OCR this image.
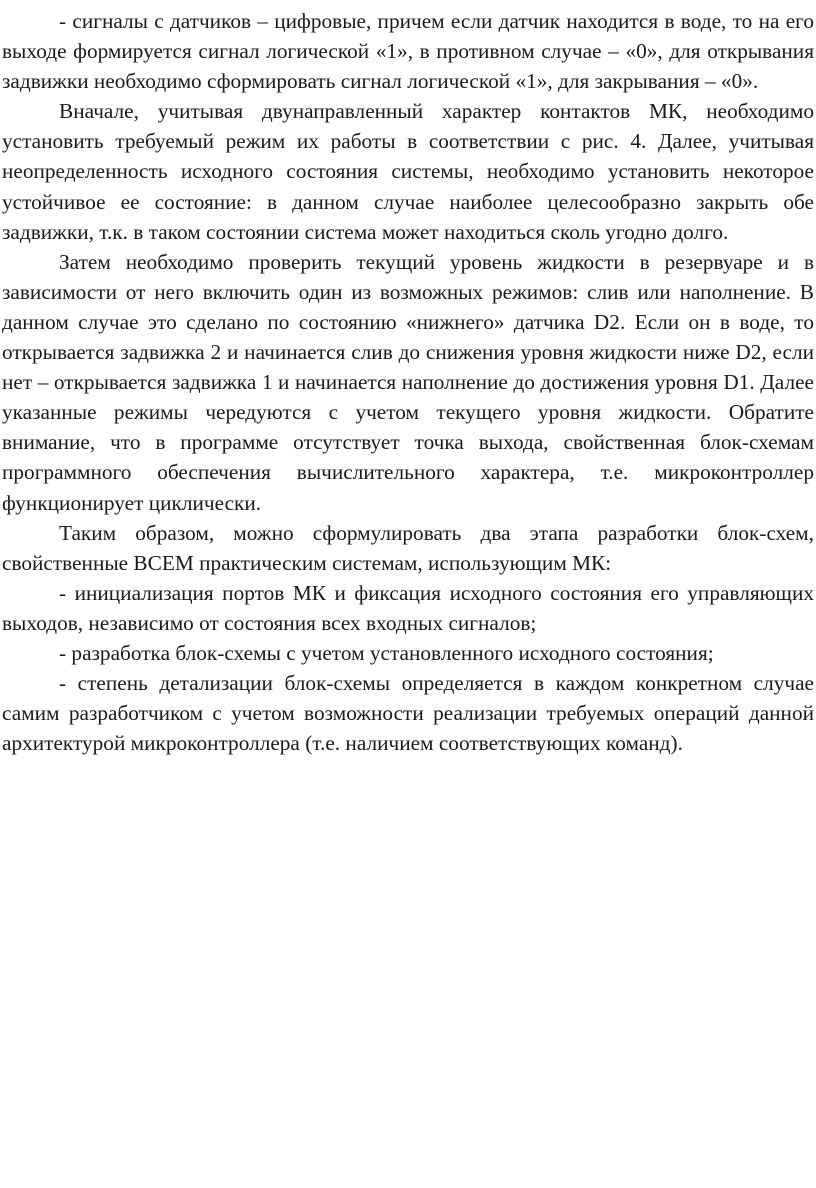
- сигналы с датчиков – цифровые, причем если датчик находится в воде, то на его выходе формируется сигнал логической «1», в противном случае – «0», для открывания задвижки необходимо сформировать сигнал логической «1», для закрывания – «0».

Вначале, учитывая двунаправленный характер контактов МК, необходимо установить требуемый режим их работы в соответствии с рис. 4. Далее, учитывая неопределенность исходного состояния системы, необходимо установить некоторое устойчивое ее состояние: в данном случае наиболее целесообразно закрыть обе задвижки, т.к. в таком состоянии система может находиться сколь угодно долго.

Затем необходимо проверить текущий уровень жидкости в резервуаре и в зависимости от него включить один из возможных режимов: слив или наполнение. В данном случае это сделано по состоянию «нижнего» датчика D2. Если он в воде, то открывается задвижка 2 и начинается слив до снижения уровня жидкости ниже D2, если нет – открывается задвижка 1 и начинается наполнение до достижения уровня D1. Далее указанные режимы чередуются с учетом текущего уровня жидкости. Обратите внимание, что в программе отсутствует точка выхода, свойственная блок-схемам программного обеспечения вычислительного характера, т.е. микроконтроллер функционирует циклически.

Таким образом, можно сформулировать два этапа разработки блок-схем, свойственные ВСЕМ практическим системам, использующим МК:

- инициализация портов МК и фиксация исходного состояния его управляющих выходов, независимо от состояния всех входных сигналов;

- разработка блок-схемы с учетом установленного исходного состояния;

- степень детализации блок-схемы определяется в каждом конкретном случае самим разработчиком с учетом возможности реализации требуемых операций данной архитектурой микроконтроллера (т.е. наличием соответствующих команд).
